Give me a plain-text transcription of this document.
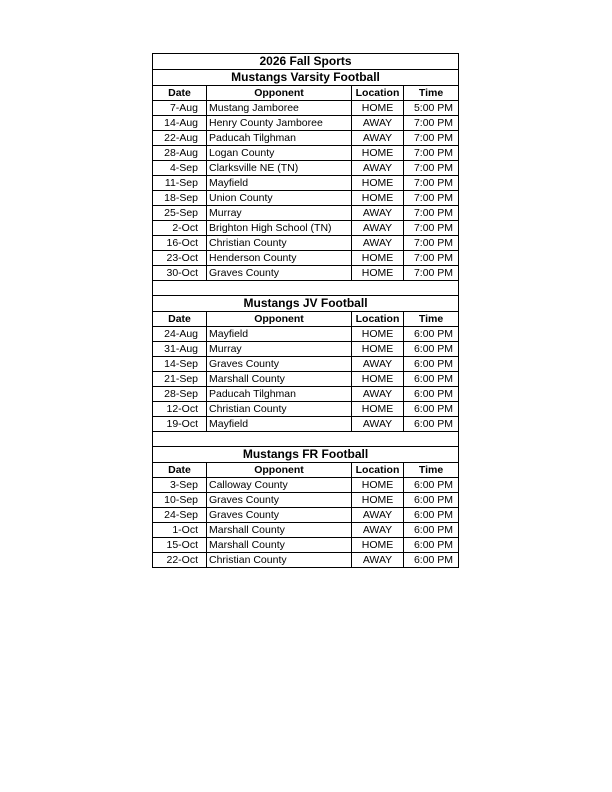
2026 Fall Sports			
Mustangs Varsity Football			
Date	Opponent	Location	Time
7-Aug	Mustang Jamboree	HOME	5:00 PM
14-Aug	Henry County Jamboree	AWAY	7:00 PM
22-Aug	Paducah Tilghman	AWAY	7:00 PM
28-Aug	Logan County	HOME	7:00 PM
4-Sep	Clarksville NE (TN)	AWAY	7:00 PM
11-Sep	Mayfield	HOME	7:00 PM
18-Sep	Union County	HOME	7:00 PM
25-Sep	Murray	AWAY	7:00 PM
2-Oct	Brighton High School (TN)	AWAY	7:00 PM
16-Oct	Christian County	AWAY	7:00 PM
23-Oct	Henderson County	HOME	7:00 PM
30-Oct	Graves County	HOME	7:00 PM

Mustangs JV Football			
Date	Opponent	Location	Time
24-Aug	Mayfield	HOME	6:00 PM
31-Aug	Murray	HOME	6:00 PM
14-Sep	Graves County	AWAY	6:00 PM
21-Sep	Marshall County	HOME	6:00 PM
28-Sep	Paducah Tilghman	AWAY	6:00 PM
12-Oct	Christian County	HOME	6:00 PM
19-Oct	Mayfield	AWAY	6:00 PM

Mustangs FR Football			
Date	Opponent	Location	Time
3-Sep	Calloway County	HOME	6:00 PM
10-Sep	Graves County	HOME	6:00 PM
24-Sep	Graves County	AWAY	6:00 PM
1-Oct	Marshall County	AWAY	6:00 PM
15-Oct	Marshall County	HOME	6:00 PM
22-Oct	Christian County	AWAY	6:00 PM
